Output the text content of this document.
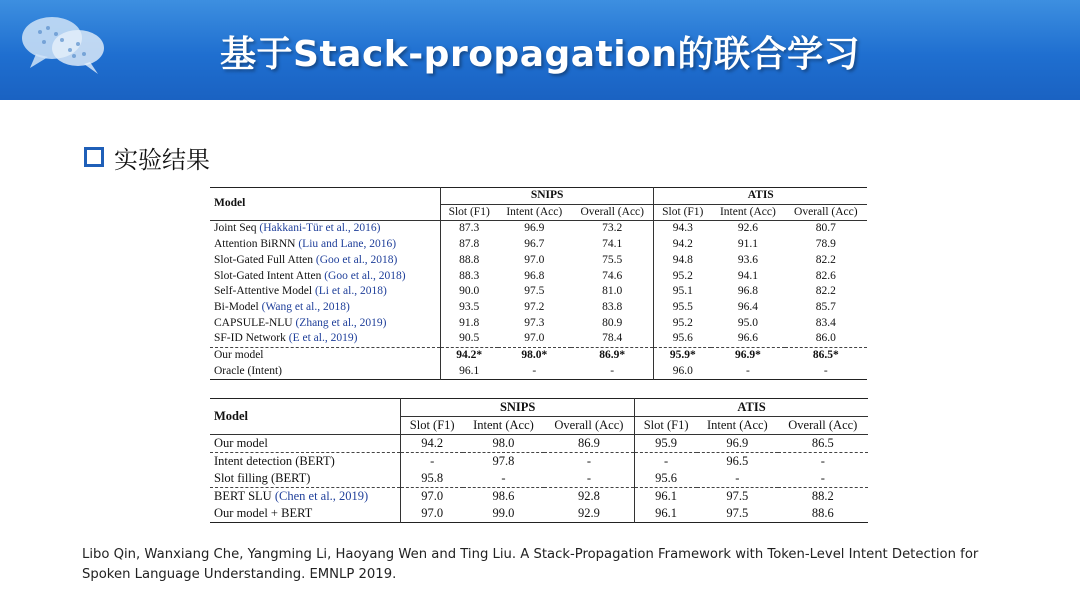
基于Stack-propagation的联合学习
实验结果
Model	SNIPS			ATIS		
	Slot (F1)	Intent (Acc)	Overall (Acc)	Slot (F1)	Intent (Acc)	Overall (Acc)
Joint Seq (Hakkani-Tür et al., 2016)	87.3	96.9	73.2	94.3	92.6	80.7
Attention BiRNN (Liu and Lane, 2016)	87.8	96.7	74.1	94.2	91.1	78.9
Slot-Gated Full Atten (Goo et al., 2018)	88.8	97.0	75.5	94.8	93.6	82.2
Slot-Gated Intent Atten (Goo et al., 2018)	88.3	96.8	74.6	95.2	94.1	82.6
Self-Attentive Model (Li et al., 2018)	90.0	97.5	81.0	95.1	96.8	82.2
Bi-Model (Wang et al., 2018)	93.5	97.2	83.8	95.5	96.4	85.7
CAPSULE-NLU (Zhang et al., 2019)	91.8	97.3	80.9	95.2	95.0	83.4
SF-ID Network (E et al., 2019)	90.5	97.0	78.4	95.6	96.6	86.0
Our model	94.2*	98.0*	86.9*	95.9*	96.9*	86.5*
Oracle (Intent)	96.1	-	-	96.0	-	-
Model	SNIPS			ATIS		
	Slot (F1)	Intent (Acc)	Overall (Acc)	Slot (F1)	Intent (Acc)	Overall (Acc)
Our model	94.2	98.0	86.9	95.9	96.9	86.5
Intent detection (BERT)	-	97.8	-	-	96.5	-
Slot filling (BERT)	95.8	-	-	95.6	-	-
BERT SLU (Chen et al., 2019)	97.0	98.6	92.8	96.1	97.5	88.2
Our model + BERT	97.0	99.0	92.9	96.1	97.5	88.6
Libo Qin, Wanxiang Che, Yangming Li, Haoyang Wen and Ting Liu. A Stack-Propagation Framework with Token-Level Intent Detection for Spoken Language Understanding. EMNLP 2019.
